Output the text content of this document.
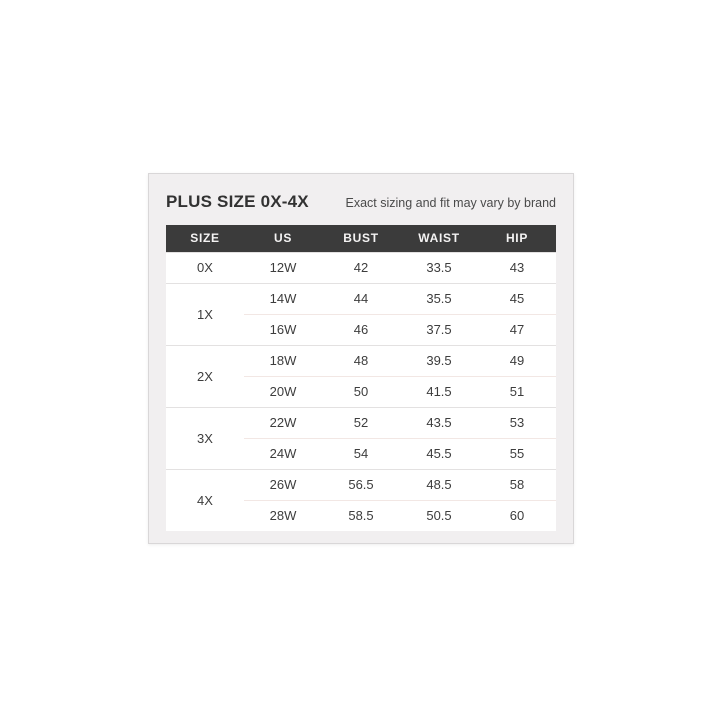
PLUS SIZE 0X-4X	Exact sizing and fit may vary by brand
SIZE	US	BUST	WAIST	HIP
0X	12W	42	33.5	43
1X	14W	44	35.5	45
	16W	46	37.5	47
2X	18W	48	39.5	49
	20W	50	41.5	51
3X	22W	52	43.5	53
	24W	54	45.5	55
4X	26W	56.5	48.5	58
	28W	58.5	50.5	60
